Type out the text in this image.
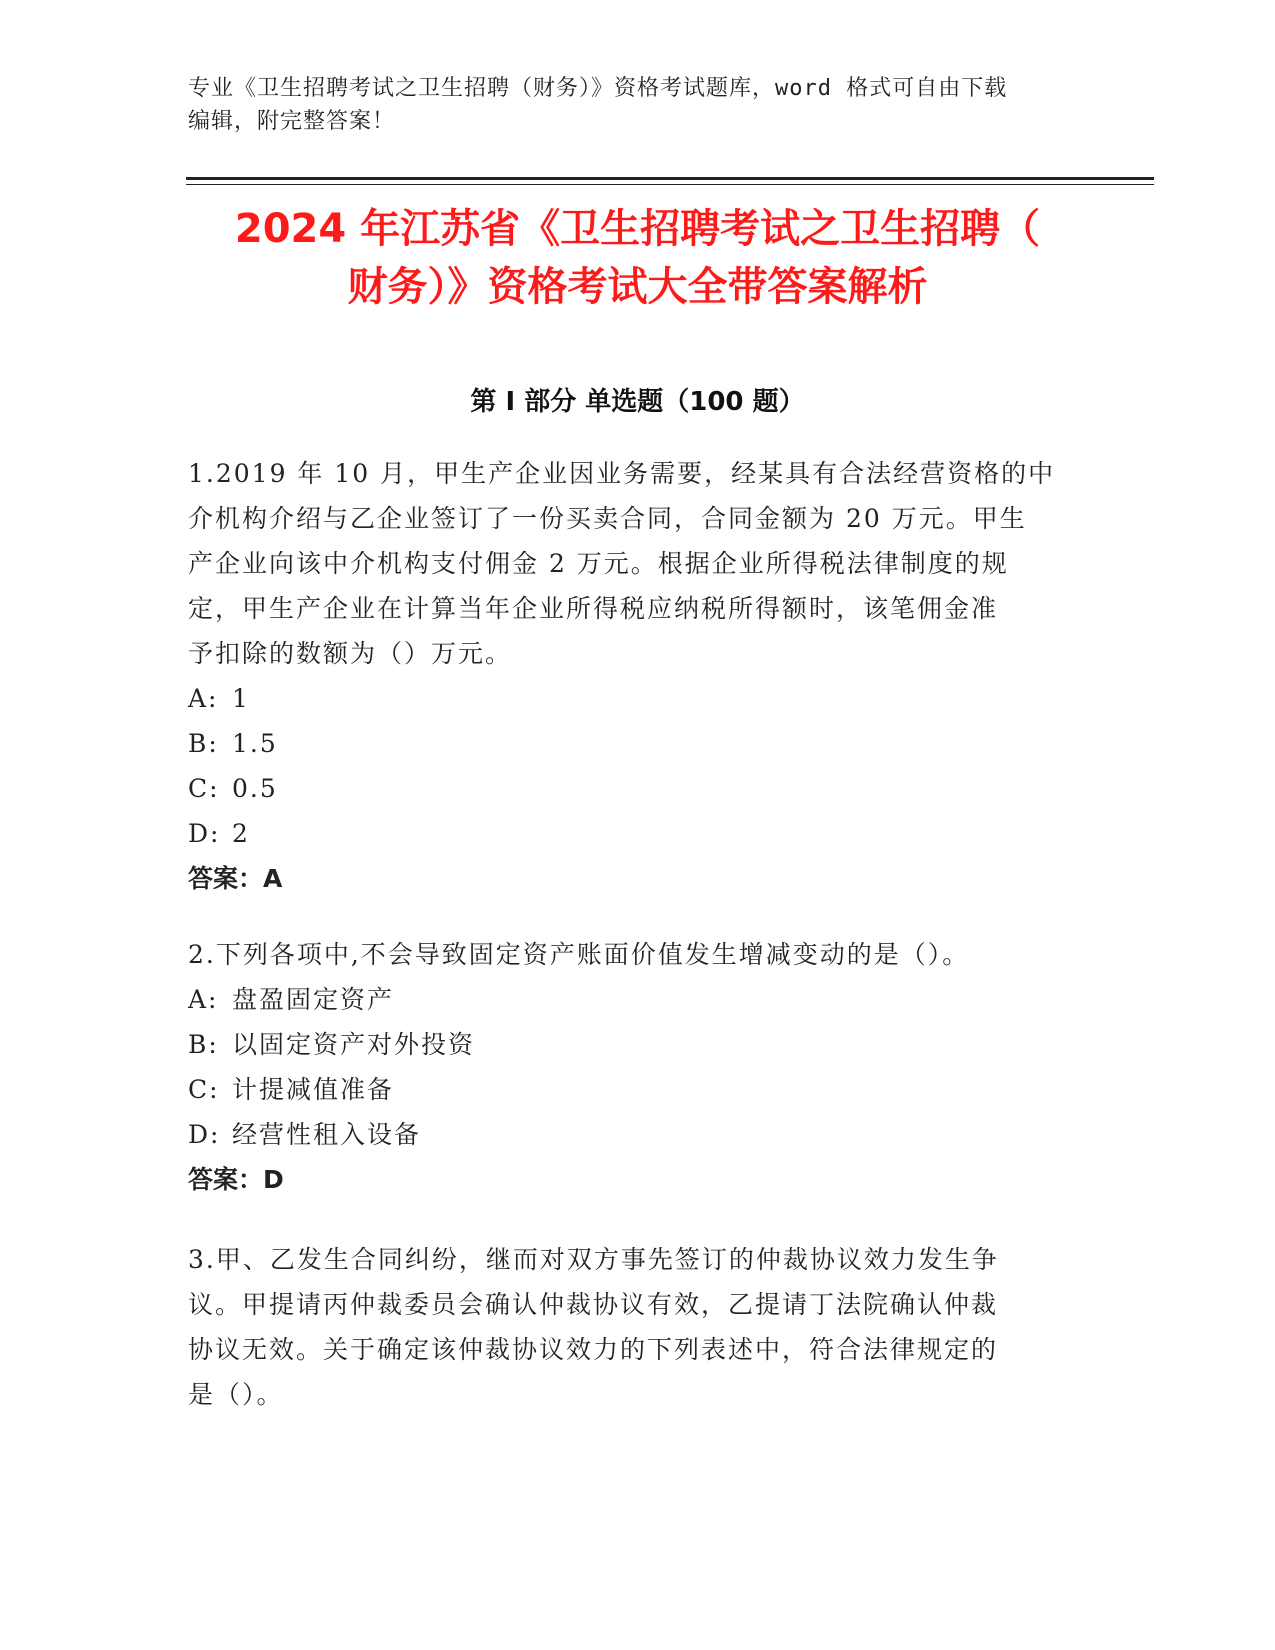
专业《卫生招聘考试之卫生招聘（财务）》资格考试题库，word 格式可自由下载
编辑，附完整答案！
2024 年江苏省《卫生招聘考试之卫生招聘（
财务）》资格考试大全带答案解析
第 I 部分 单选题（100 题）

1.2019 年 10 月，甲生产企业因业务需要，经某具有合法经营资格的中

介机构介绍与乙企业签订了一份买卖合同，合同金额为 20 万元。甲生

产企业向该中介机构支付佣金 2 万元。根据企业所得税法律制度的规

定，甲生产企业在计算当年企业所得税应纳税所得额时，该笔佣金准

予扣除的数额为（）万元。

A: 1

B: 1.5

C: 0.5

D: 2

答案：A

2.下列各项中,不会导致固定资产账面价值发生增减变动的是（）。

A: 盘盈固定资产

B: 以固定资产对外投资

C: 计提减值准备

D: 经营性租入设备

答案：D

3.甲、乙发生合同纠纷，继而对双方事先签订的仲裁协议效力发生争

议。甲提请丙仲裁委员会确认仲裁协议有效，乙提请丁法院确认仲裁

协议无效。关于确定该仲裁协议效力的下列表述中，符合法律规定的

是（）。
